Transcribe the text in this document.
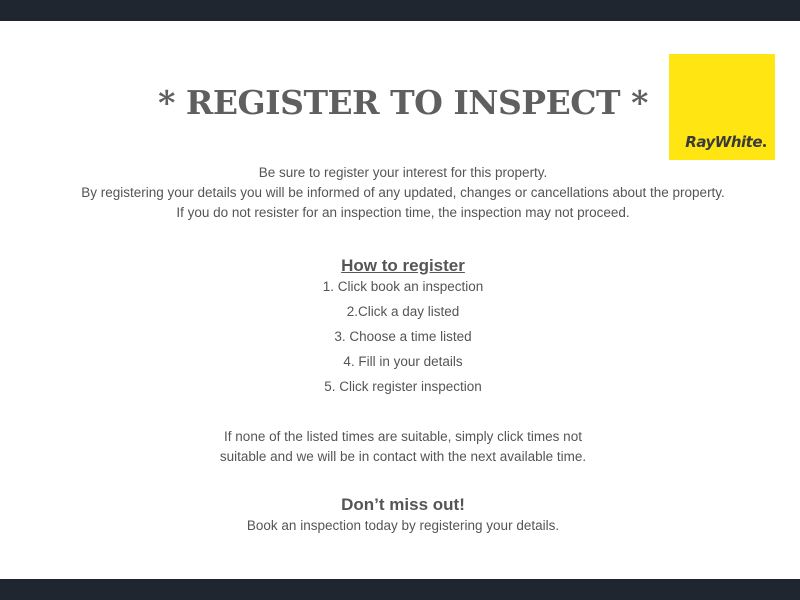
* REGISTER TO INSPECT *
RayWhite
Be sure to register your interest for this property.
By registering your details you will be informed of any updated, changes or cancellations about the property.
If you do not resister for an inspection time, the inspection may not proceed.
How to register
1. Click book an inspection
2.Click a day listed
3. Choose a time listed
4. Fill in your details
5. Click register inspection
If none of the listed times are suitable, simply click times not
suitable and we will be in contact with the next available time.
Don’t miss out!
Book an inspection today by registering your details.
